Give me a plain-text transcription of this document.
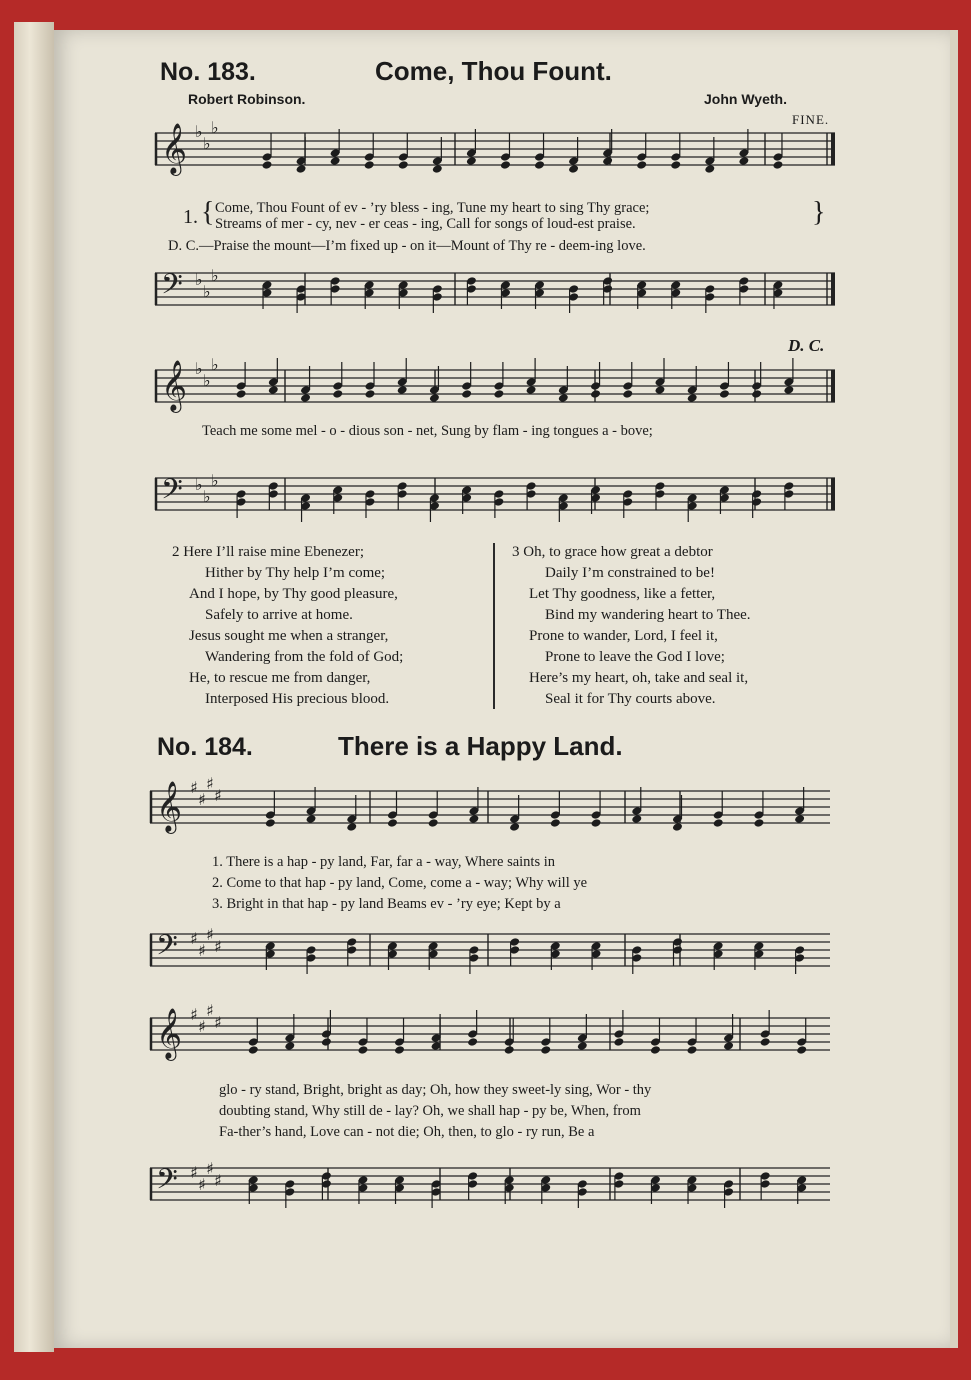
No. 183.	Come, Thou Fount.
Robert Robinson.	John Wyeth.
FINE.
𝄞 ♭
♭
♭
1. { Come, Thou Fount of ev - ’ry bless - ing, Tune my heart to sing Thy grace;
Streams of mer - cy, nev - er ceas - ing, Call for songs of loud-est praise.	}
D. C.—Praise the mount—I’m fixed up - on it—Mount of Thy re - deem-ing love.
𝄢 ♭
♭
♭
D. C.
𝄞 ♭
♭
♭
Teach me some mel - o - dious son - net, Sung by flam - ing tongues a - bove;
𝄢 ♭
♭
♭
2 Here I’ll raise mine Ebenezer;
Hither by Thy help I’m come;
And I hope, by Thy good pleasure,
Safely to arrive at home.
Jesus sought me when a stranger,
Wandering from the fold of God;
He, to rescue me from danger,
Interposed His precious blood.
3 Oh, to grace how great a debtor
Daily I’m constrained to be!
Let Thy goodness, like a fetter,
Bind my wandering heart to Thee.
Prone to wander, Lord, I feel it,
Prone to leave the God I love;
Here’s my heart, oh, take and seal it,
Seal it for Thy courts above.
No. 184.	There is a Happy Land.
𝄞 ♯
♯
♯
♯
1. There is a hap - py land, Far, far a - way, Where saints in
2. Come to that hap - py land, Come, come a - way; Why will ye
3. Bright in that hap - py land Beams ev - ’ry eye; Kept by a
𝄢 ♯
♯
♯
♯
𝄞 ♯
♯
♯
♯
glo - ry stand, Bright, bright as day; Oh, how they sweet-ly sing, Wor - thy
doubting stand, Why still de - lay? Oh, we shall hap - py be, When, from
Fa-ther’s hand, Love can - not die; Oh, then, to glo - ry run, Be a
𝄢 ♯
♯
♯
♯
